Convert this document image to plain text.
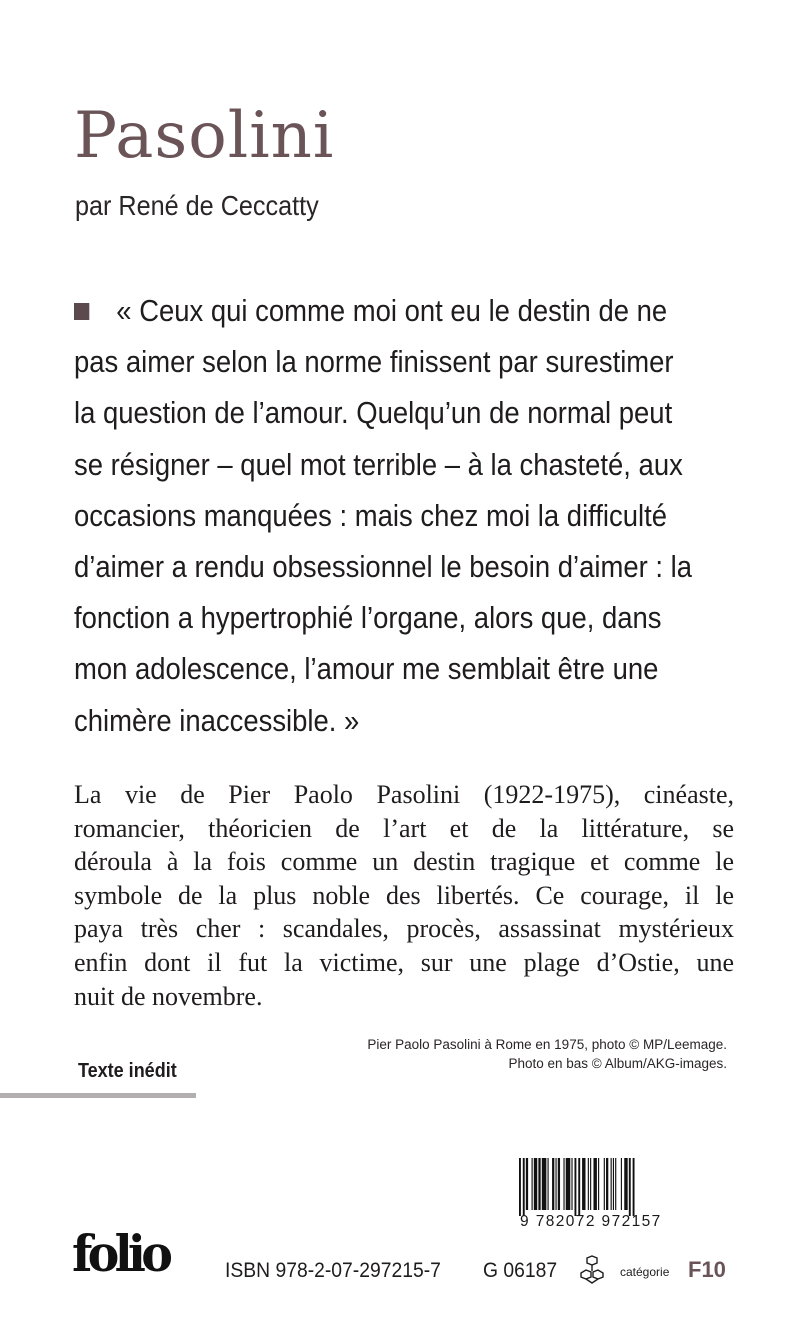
Pasolini
par René de Ceccatty
« Ceux qui comme moi ont eu le destin de ne
pas aimer selon la norme finissent par surestimer
la question de l’amour. Quelqu’un de normal peut
se résigner – quel mot terrible – à la chasteté, aux
occasions manquées : mais chez moi la difficulté
d’aimer a rendu obsessionnel le besoin d’aimer : la
fonction a hypertrophié l’organe, alors que, dans
mon adolescence, l’amour me semblait être une
chimère inaccessible. »
La vie de Pier Paolo Pasolini (1922-1975), cinéaste,
romancier, théoricien de l’art et de la littérature, se
déroula à la fois comme un destin tragique et comme le
symbole de la plus noble des libertés. Ce courage, il le
paya très cher : scandales, procès, assassinat mystérieux
enfin dont il fut la victime, sur une plage d’Ostie, une
nuit de novembre.
Pier Paolo Pasolini à Rome en 1975, photo © MP/Leemage.
Photo en bas © Album/AKG-images.
Texte inédit
9 782072 972157
folio	ISBN 978-2-07-297215-7 G 06187	catégorie F10
